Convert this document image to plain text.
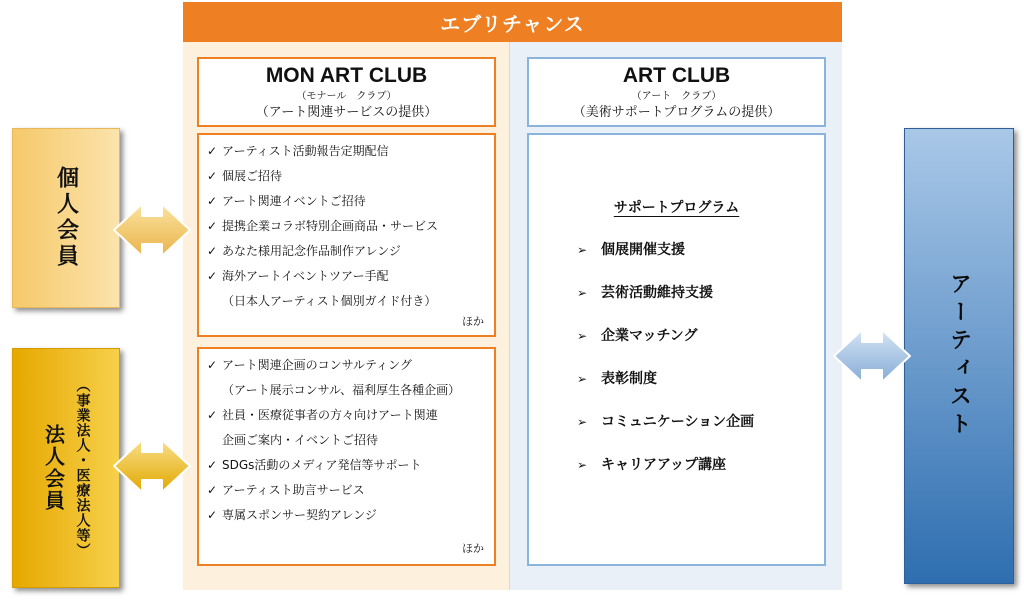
エブリチャンス
MON ART CLUB
（モナール　クラブ）
（アート関連サービスの提供）
✓ アーティスト活動報告定期配信
✓ 個展ご招待
✓ アート関連イベントご招待
✓ 提携企業コラボ特別企画商品・サービス
✓ あなた様用記念作品制作アレンジ
✓ 海外アートイベントツアー手配
（日本人アーティスト個別ガイド付き）
ほか
✓ アート関連企画のコンサルティング
（アート展示コンサル、福利厚生各種企画）
✓ 社員・医療従事者の方々向けアート関連
企画ご案内・イベントご招待
✓ SDGs活動のメディア発信等サポート
✓ アーティスト助言サービス
✓ 専属スポンサー契約アレンジ
ほか
ART CLUB
（アート　クラブ）
（美術サポートプログラムの提供）
サポートプログラム
➢ 個展開催支援
➢ 芸術活動維持支援
➢ 企業マッチング
➢ 表彰制度
➢ コミュニケーション企画
➢ キャリアアップ講座
個人会員
法人会員 （事業法人・医療法人等）
アーティスト
